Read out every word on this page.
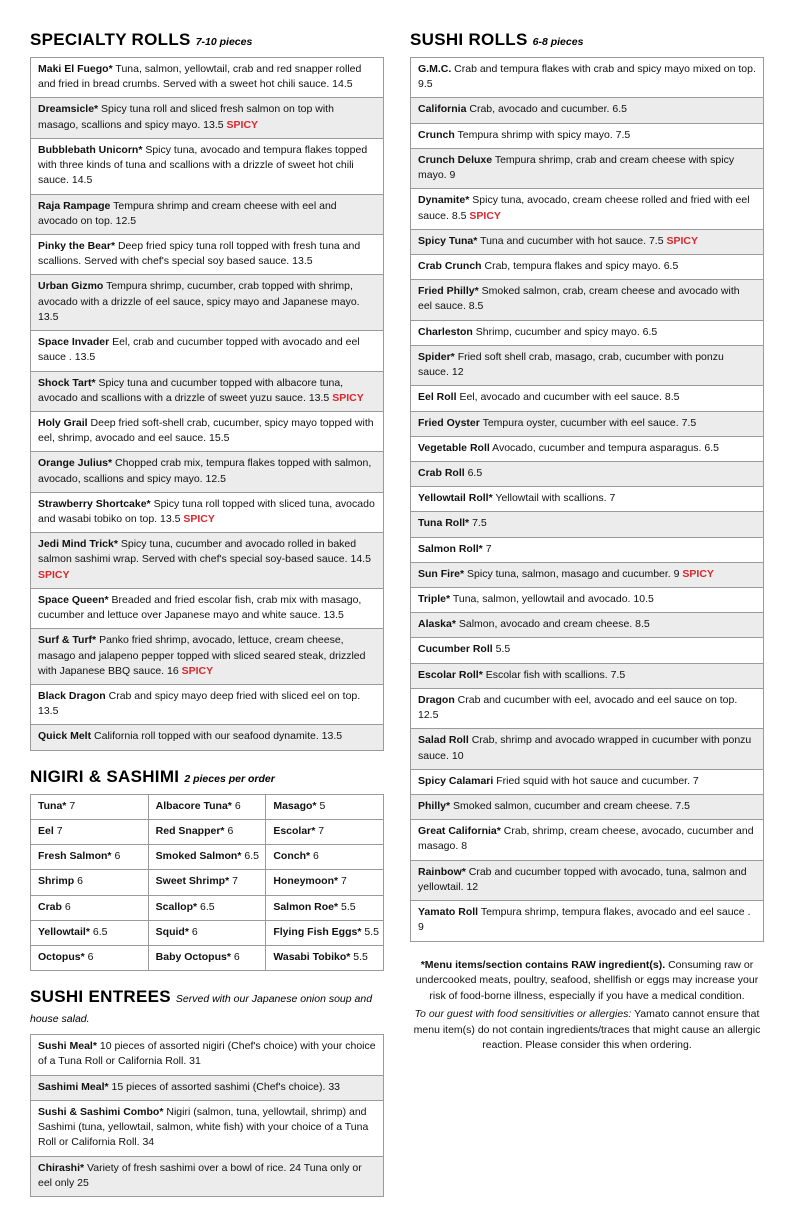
SPECIALTY ROLLS 7-10 pieces
Maki El Fuego* Tuna, salmon, yellowtail, crab and red snapper rolled and fried in bread crumbs. Served with a sweet hot chili sauce. 14.5
Dreamsicle* Spicy tuna roll and sliced fresh salmon on top with masago, scallions and spicy mayo. 13.5 SPICY
Bubblebath Unicorn* Spicy tuna, avocado and tempura flakes topped with three kinds of tuna and scallions with a drizzle of sweet hot chili sauce. 14.5
Raja Rampage Tempura shrimp and cream cheese with eel and avocado on top. 12.5
Pinky the Bear* Deep fried spicy tuna roll topped with fresh tuna and scallions. Served with chef's special soy based sauce. 13.5
Urban Gizmo Tempura shrimp, cucumber, crab topped with shrimp, avocado with a drizzle of eel sauce, spicy mayo and Japanese mayo. 13.5
Space Invader Eel, crab and cucumber topped with avocado and eel sauce . 13.5
Shock Tart* Spicy tuna and cucumber topped with albacore tuna, avocado and scallions with a drizzle of sweet yuzu sauce. 13.5 SPICY
Holy Grail Deep fried soft-shell crab, cucumber, spicy mayo topped with eel, shrimp, avocado and eel sauce. 15.5
Orange Julius* Chopped crab mix, tempura flakes topped with salmon, avocado, scallions and spicy mayo. 12.5
Strawberry Shortcake* Spicy tuna roll topped with sliced tuna, avocado and wasabi tobiko on top. 13.5 SPICY
Jedi Mind Trick* Spicy tuna, cucumber and avocado rolled in baked salmon sashimi wrap. Served with chef's special soy-based sauce. 14.5 SPICY
Space Queen* Breaded and fried escolar fish, crab mix with masago, cucumber and lettuce over Japanese mayo and white sauce. 13.5
Surf & Turf* Panko fried shrimp, avocado, lettuce, cream cheese, masago and jalapeno pepper topped with sliced seared steak, drizzled with Japanese BBQ sauce. 16 SPICY
Black Dragon Crab and spicy mayo deep fried with sliced eel on top. 13.5
Quick Melt California roll topped with our seafood dynamite. 13.5
NIGIRI & SASHIMI 2 pieces per order
Tuna* 7	Albacore Tuna* 6	Masago* 5
Eel 7	Red Snapper* 6	Escolar* 7
Fresh Salmon* 6	Smoked Salmon* 6.5	Conch* 6
Shrimp 6	Sweet Shrimp* 7	Honeymoon* 7
Crab 6	Scallop* 6.5	Salmon Roe* 5.5
Yellowtail* 6.5	Squid* 6	Flying Fish Eggs* 5.5
Octopus* 6	Baby Octopus* 6	Wasabi Tobiko* 5.5
SUSHI ENTREES Served with our Japanese onion soup and house salad.
Sushi Meal* 10 pieces of assorted nigiri (Chef's choice) with your choice of a Tuna Roll or California Roll. 31
Sashimi Meal* 15 pieces of assorted sashimi (Chef's choice). 33
Sushi & Sashimi Combo* Nigiri (salmon, tuna, yellowtail, shrimp) and Sashimi (tuna, yellowtail, salmon, white fish) with your choice of a Tuna Roll or California Roll. 34
Chirashi* Variety of fresh sashimi over a bowl of rice. 24 Tuna only or eel only 25
SUSHI ROLLS 6-8 pieces
G.M.C. Crab and tempura flakes with crab and spicy mayo mixed on top. 9.5
California Crab, avocado and cucumber. 6.5
Crunch Tempura shrimp with spicy mayo. 7.5
Crunch Deluxe Tempura shrimp, crab and cream cheese with spicy mayo. 9
Dynamite* Spicy tuna, avocado, cream cheese rolled and fried with eel sauce. 8.5 SPICY
Spicy Tuna* Tuna and cucumber with hot sauce. 7.5 SPICY
Crab Crunch Crab, tempura flakes and spicy mayo. 6.5
Fried Philly* Smoked salmon, crab, cream cheese and avocado with eel sauce. 8.5
Charleston Shrimp, cucumber and spicy mayo. 6.5
Spider* Fried soft shell crab, masago, crab, cucumber with ponzu sauce. 12
Eel Roll Eel, avocado and cucumber with eel sauce. 8.5
Fried Oyster Tempura oyster, cucumber with eel sauce. 7.5
Vegetable Roll Avocado, cucumber and tempura asparagus. 6.5
Crab Roll 6.5
Yellowtail Roll* Yellowtail with scallions. 7
Tuna Roll* 7.5
Salmon Roll* 7
Sun Fire* Spicy tuna, salmon, masago and cucumber. 9 SPICY
Triple* Tuna, salmon, yellowtail and avocado. 10.5
Alaska* Salmon, avocado and cream cheese. 8.5
Cucumber Roll 5.5
Escolar Roll* Escolar fish with scallions. 7.5
Dragon Crab and cucumber with eel, avocado and eel sauce on top. 12.5
Salad Roll Crab, shrimp and avocado wrapped in cucumber with ponzu sauce. 10
Spicy Calamari Fried squid with hot sauce and cucumber. 7
Philly* Smoked salmon, cucumber and cream cheese. 7.5
Great California* Crab, shrimp, cream cheese, avocado, cucumber and masago. 8
Rainbow* Crab and cucumber topped with avocado, tuna, salmon and yellowtail. 12
Yamato Roll Tempura shrimp, tempura flakes, avocado and eel sauce . 9

*Menu items/section contains RAW ingredient(s). Consuming raw or undercooked meats, poultry, seafood, shellfish or eggs may increase your risk of food-borne illness, especially if you have a medical condition.

To our guest with food sensitivities or allergies: Yamato cannot ensure that menu item(s) do not contain ingredients/traces that might cause an allergic reaction. Please consider this when ordering.
